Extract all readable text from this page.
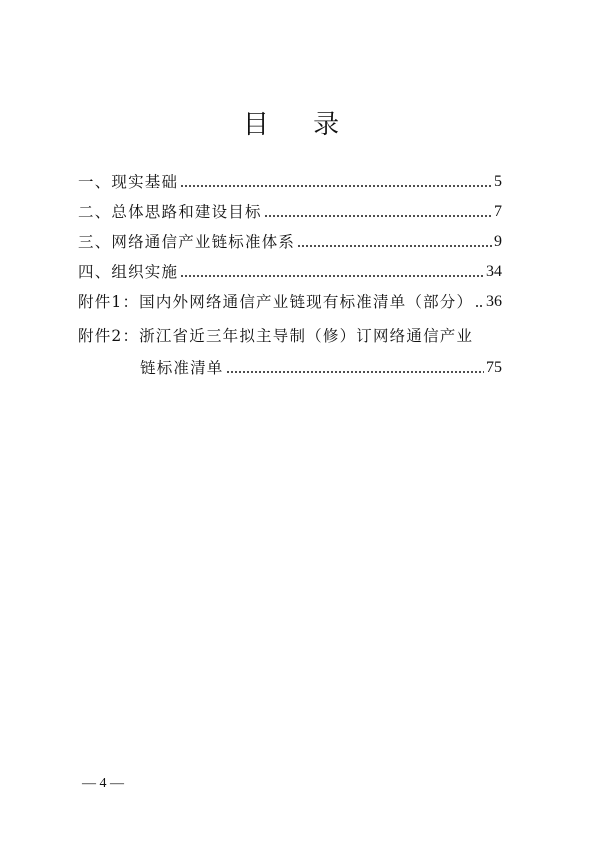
目 录
一、现实基础	5
二、总体思路和建设目标	7
三、网络通信产业链标准体系	9
四、组织实施	34
附件1：国内外网络通信产业链现有标准清单（部分） 36
附件2：浙江省近三年拟主导制（修）订网络通信产业
链标准清单	75
— 4 —
